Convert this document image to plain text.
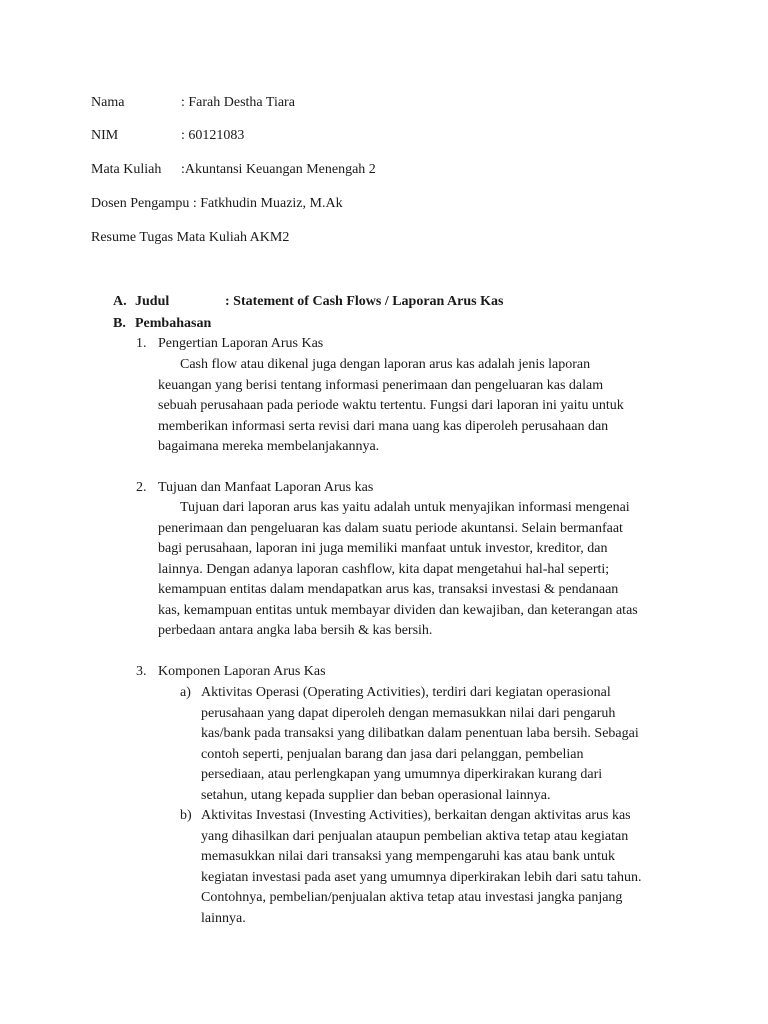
Nama	: Farah Destha Tiara
NIM	: 60121083
Mata Kuliah :Akuntansi Keuangan Menengah 2
Dosen Pengampu : Fatkhudin Muaziz, M.Ak
Resume Tugas Mata Kuliah AKM2
A. Judul	: Statement of Cash Flows / Laporan Arus Kas
B. Pembahasan
1. Pengertian Laporan Arus Kas

Cash flow atau dikenal juga dengan laporan arus kas adalah jenis laporan

keuangan yang berisi tentang informasi penerimaan dan pengeluaran kas dalam

sebuah perusahaan pada periode waktu tertentu. Fungsi dari laporan ini yaitu untuk

memberikan informasi serta revisi dari mana uang kas diperoleh perusahaan dan

bagaimana mereka membelanjakannya.

2. Tujuan dan Manfaat Laporan Arus kas

Tujuan dari laporan arus kas yaitu adalah untuk menyajikan informasi mengenai

penerimaan dan pengeluaran kas dalam suatu periode akuntansi. Selain bermanfaat

bagi perusahaan, laporan ini juga memiliki manfaat untuk investor, kreditor, dan

lainnya. Dengan adanya laporan cashflow, kita dapat mengetahui hal-hal seperti;

kemampuan entitas dalam mendapatkan arus kas, transaksi investasi & pendanaan

kas, kemampuan entitas untuk membayar dividen dan kewajiban, dan keterangan atas

perbedaan antara angka laba bersih & kas bersih.

3. Komponen Laporan Arus Kas
a) Aktivitas Operasi (Operating Activities), terdiri dari kegiatan operasional

perusahaan yang dapat diperoleh dengan memasukkan nilai dari pengaruh

kas/bank pada transaksi yang dilibatkan dalam penentuan laba bersih. Sebagai

contoh seperti, penjualan barang dan jasa dari pelanggan, pembelian

persediaan, atau perlengkapan yang umumnya diperkirakan kurang dari

setahun, utang kepada supplier dan beban operasional lainnya.

b) Aktivitas Investasi (Investing Activities), berkaitan dengan aktivitas arus kas

yang dihasilkan dari penjualan ataupun pembelian aktiva tetap atau kegiatan

memasukkan nilai dari transaksi yang mempengaruhi kas atau bank untuk

kegiatan investasi pada aset yang umumnya diperkirakan lebih dari satu tahun.

Contohnya, pembelian/penjualan aktiva tetap atau investasi jangka panjang

lainnya.
